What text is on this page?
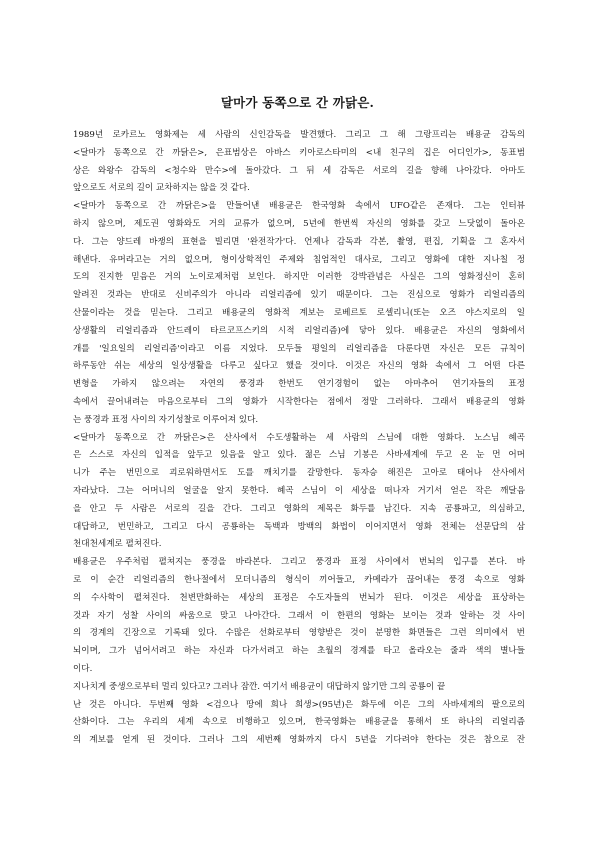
달마가 동쪽으로 간 까닭은.
1989년 로카르노 영화제는 세 사람의 신인감독을 발견했다. 그리고 그 해 그랑프리는 배용균 감독의
<달마가 동쪽으로 간 까닭은>, 은표범상은 아바스 키아로스타미의 <내 친구의 집은 어디인가>, 동표범
상은 와왕수 감독의 <청수와 만수>에 돌아갔다. 그 뒤 세 감독은 서로의 길을 향해 나아갔다. 아마도
앞으로도 서로의 길이 교차하지는 않을 것 같다.
<달마가 동쪽으로 간 까닭은>을 만들어낸 배용균은 한국영화 속에서 UFO같은 존재다. 그는 인터뷰
하지 않으며, 제도권 영화와도 거의 교류가 없으며, 5년에 한번씩 자신의 영화를 갖고 느닷없이 돌아온
다. 그는 양드레 바쟁의 표현을 빌리면 '완전작가'다. 언제나 감독과 각본, 촬영, 편집, 기획을 그 혼자서
해낸다. 유머라고는 거의 없으며, 형이상학적인 주제와 침엄적인 대사로, 그리고 영화에 대한 지나칠 정
도의 진지한 믿음은 거의 노이로제처럼 보인다. 하지만 이러한 강박관념은 사실은 그의 영화정신이 혼히
알려진 것과는 반대로 신비주의가 아니라 리얼리즘에 있기 때문이다. 그는 진심으로 영화가 리얼리즘의
산물이라는 것을 믿는다. 그리고 배용균의 영화적 계보는 로베르토 로셀리니(또는 오즈 야스지로의 일
상생활의 리얼리즘과 안드레이 타르코프스키의 시적 리얼리즘)에 닿아 있다. 배용균은 자신의 영화에서
개를 '일요일의 리얼리즘'이라고 이름 지었다. 모두들 평일의 리얼리즘을 다룬다면 자신은 모든 규칙이
하루동안 쉬는 세상의 일상생활을 다루고 싶다고 했을 것이다. 이것은 자신의 영화 속에서 그 어떤 다른
변형을 가하지 않으려는 자연의 풍경과 한번도 연기경험이 없는 아마추어 연기자들의 표정
속에서 끌어내려는 마음으로부터 그의 영화가 시작한다는 점에서 정말 그러하다. 그래서 배용균의 영화
는 풍경과 표정 사이의 자기성찰로 이루어져 있다.
<달마가 동쪽으로 간 까닭은>은 산사에서 수도생활하는 세 사람의 스님에 대한 영화다. 노스님 혜곡
은 스스로 자신의 입적을 앞두고 있음을 알고 있다. 젊은 스님 기봉은 사바세계에 두고 온 눈 먼 어머
니가 주는 번민으로 괴로워하면서도 도를 깨치기를 갈망한다. 동자승 해진은 고아로 태어나 산사에서
자라났다. 그는 어머니의 얼굴을 알지 못한다. 혜곡 스님이 이 세상을 떠나자 거기서 얻은 작은 깨달음
을 안고 두 사람은 서로의 길을 간다. 그리고 영화의 제목은 화두를 남긴다. 지속 공룡파고, 의심하고,
대답하고, 번민하고, 그리고 다시 공룡하는 독백과 방백의 화법이 이어지면서 영화 전체는 선문답의 삼
천대천세계로 펼쳐진다.
배용균은 우주처럼 펼쳐지는 풍경을 바라본다. 그리고 풍경과 표정 사이에서 번뇌의 입구를 본다. 바
로 이 순간 리얼리즘의 한나절에서 모더니즘의 형식이 끼어들고, 카메라가 끊어내는 풍경 속으로 영화
의 수사학이 펼쳐진다. 천변만화하는 세상의 표정은 수도자들의 번뇌가 된다. 이것은 세상을 표상하는
것과 자기 성찰 사이의 싸움으로 맞고 나아간다. 그래서 이 한편의 영화는 보이는 것과 알하는 것 사이
의 경계의 긴장으로 기록돼 있다. 수많은 선화로부터 영향받은 것이 분명한 화면들은 그런 의미에서 번
뇌이며, 그가 넘어서려고 하는 자신과 다가서려고 하는 초월의 경계를 타고 올라오는 줄과 색의 별나들
이다.
지나치게 중생으로부터 멀리 있다고? 그러나 잠깐. 여기서 배용균이 대답하지 않기만 그의 공룡이 끝
난 것은 아니다. 두번째 영화 <검으나 땅에 희나 희생>(95년)은 화두에 이은 그의 사바세계의 팔으로의
산화이다. 그는 우리의 세계 속으로 비행하고 있으며, 한국영화는 배용균을 통해서 또 하나의 리얼리즘
의 계보를 얻게 된 것이다. 그러나 그의 세번째 영화까지 다시 5년을 기다려야 한다는 것은 참으로 잔
